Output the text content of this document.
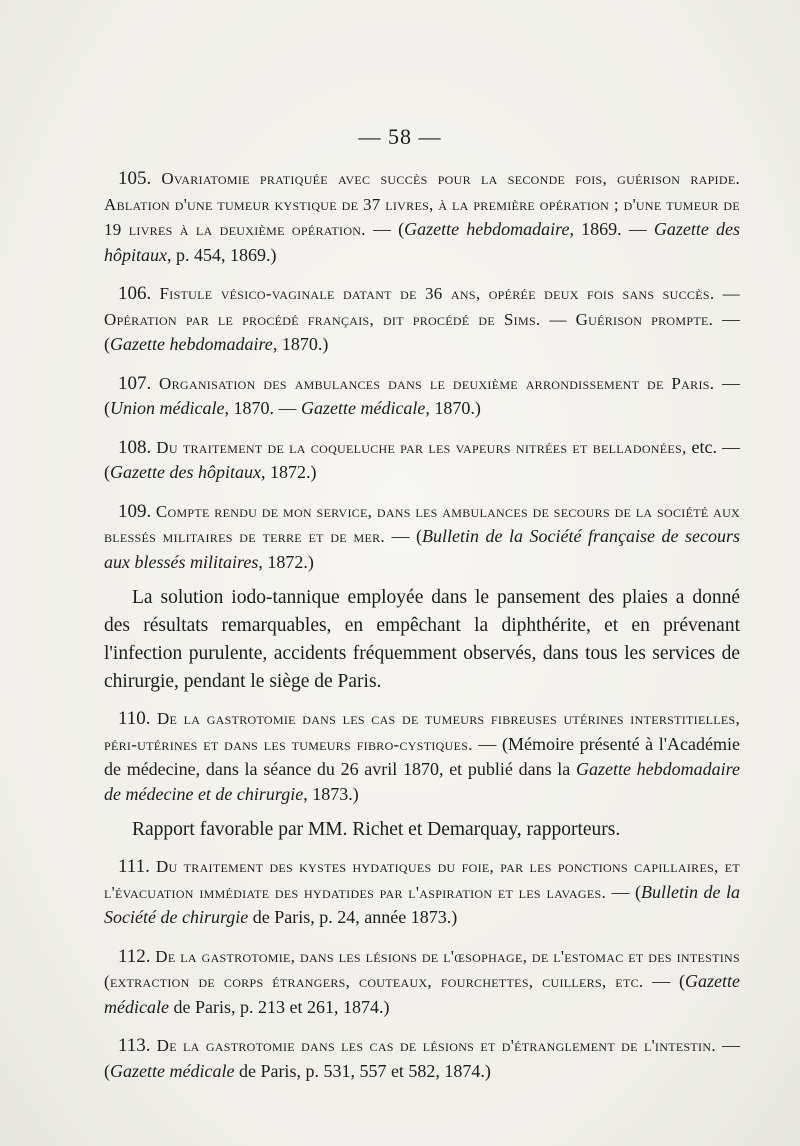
— 58 —

105. Ovariatomie pratiquée avec succès pour la seconde fois, guérison rapide. Ablation d'une tumeur kystique de 37 livres, à la première opération ; d'une tumeur de 19 livres à la deuxième opération. — (Gazette hebdomadaire, 1869. — Gazette des hôpitaux, p. 454, 1869.)

106. Fistule vésico-vaginale datant de 36 ans, opérée deux fois sans succès. — Opération par le procédé français, dit procédé de Sims. — Guérison prompte. — (Gazette hebdomadaire, 1870.)

107. Organisation des ambulances dans le deuxième arrondissement de Paris. — (Union médicale, 1870. — Gazette médicale, 1870.)

108. Du traitement de la coqueluche par les vapeurs nitrées et belladonées, etc. — (Gazette des hôpitaux, 1872.)

109. Compte rendu de mon service, dans les ambulances de secours de la société aux blessés militaires de terre et de mer. — (Bulletin de la Société française de secours aux blessés militaires, 1872.)

La solution iodo-tannique employée dans le pansement des plaies a donné des résultats remarquables, en empêchant la diphthérite, et en prévenant l'infection purulente, accidents fréquemment observés, dans tous les services de chirurgie, pendant le siège de Paris.

110. De la gastrotomie dans les cas de tumeurs fibreuses utérines interstitielles, péri-utérines et dans les tumeurs fibro-cystiques. — (Mémoire présenté à l'Académie de médecine, dans la séance du 26 avril 1870, et publié dans la Gazette hebdomadaire de médecine et de chirurgie, 1873.)

Rapport favorable par MM. Richet et Demarquay, rapporteurs.

111. Du traitement des kystes hydatiques du foie, par les ponctions capillaires, et l'évacuation immédiate des hydatides par l'aspiration et les lavages. — (Bulletin de la Société de chirurgie de Paris, p. 24, année 1873.)

112. De la gastrotomie, dans les lésions de l'œsophage, de l'estomac et des intestins (extraction de corps étrangers, couteaux, fourchettes, cuillers, etc. — (Gazette médicale de Paris, p. 213 et 261, 1874.)

113. De la gastrotomie dans les cas de lésions et d'étranglement de l'intestin. — (Gazette médicale de Paris, p. 531, 557 et 582, 1874.)
